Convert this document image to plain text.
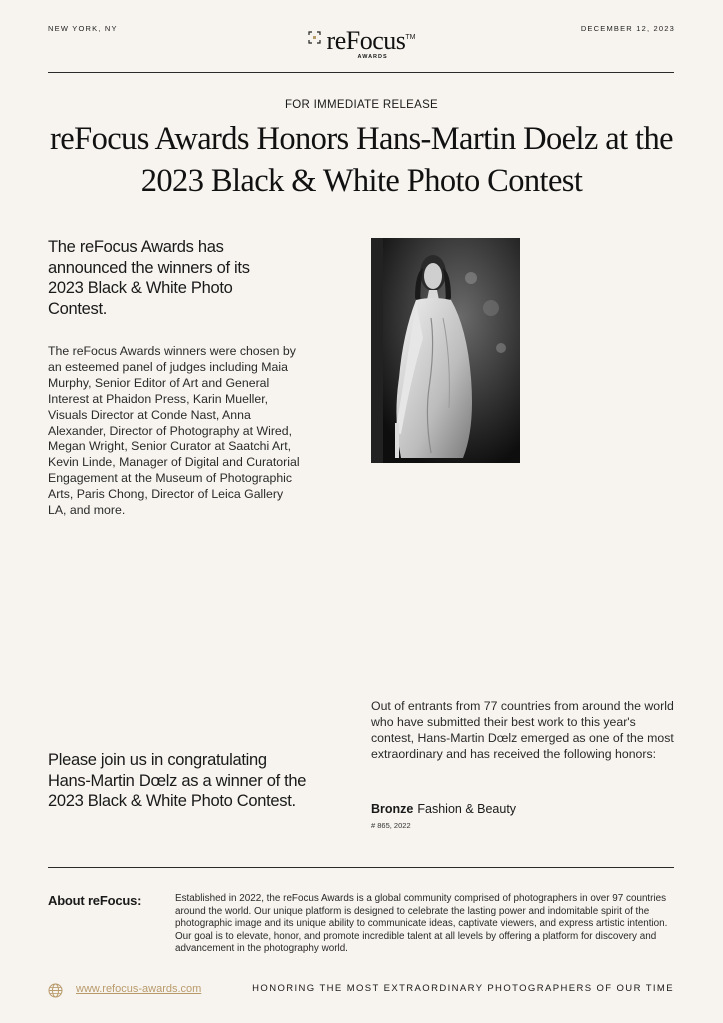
NEW YORK, NY	DECEMBER 12, 2023
reFocus™
AWARDS
FOR IMMEDIATE RELEASE
reFocus Awards Honors Hans-Martin Doelz at the 2023 Black & White Photo Contest
The reFocus Awards has announced the winners of its 2023 Black & White Photo Contest.
The reFocus Awards winners were chosen by an esteemed panel of judges including Maia Murphy, Senior Editor of Art and General Interest at Phaidon Press, Karin Mueller, Visuals Director at Conde Nast, Anna Alexander, Director of Photography at Wired, Megan Wright, Senior Curator at Saatchi Art, Kevin Linde, Manager of Digital and Curatorial Engagement at the Museum of Photographic Arts, Paris Chong, Director of Leica Gallery LA, and more.
Out of entrants from 77 countries from around the world who have submitted their best work to this year's contest, Hans-Martin Dœlz emerged as one of the most extraordinary and has received the following honors:
Bronze Fashion & Beauty
# 865, 2022
Please join us in congratulating Hans-Martin Dœlz as a winner of the 2023 Black & White Photo Contest.
About reFocus:	Established in 2022, the reFocus Awards is a global community comprised of photographers in over 97 countries around the world. Our unique platform is designed to celebrate the lasting power and indomitable spirit of the photographic image and its unique ability to communicate ideas, captivate viewers, and express artistic intention. Our goal is to elevate, honor, and promote incredible talent at all levels by offering a platform for discovery and advancement in the photography world.
www.refocus-awards.com	HONORING THE MOST EXTRAORDINARY PHOTOGRAPHERS OF OUR TIME
